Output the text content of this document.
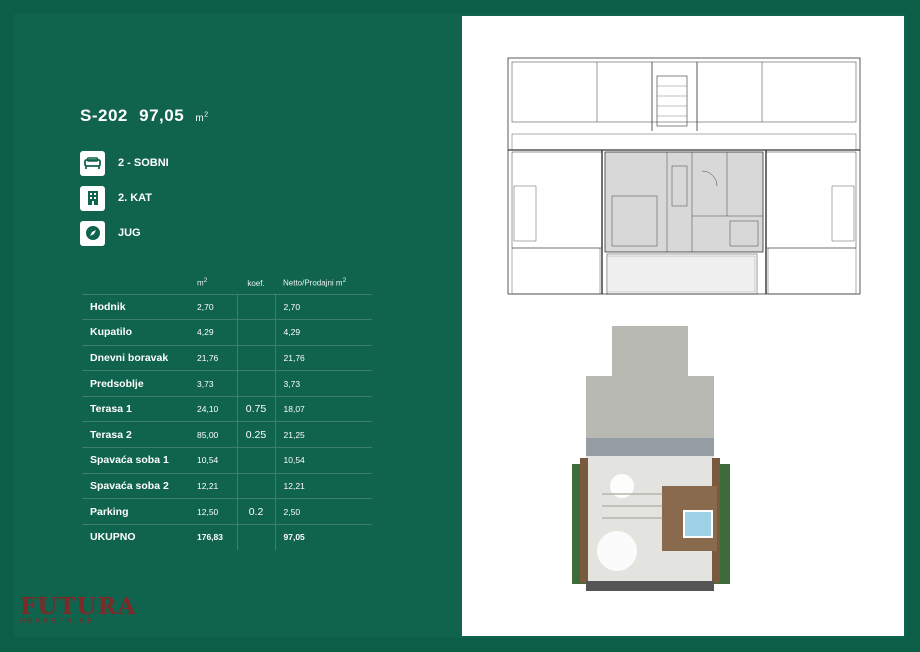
S-202 97,05 $m^2$
2 - SOBNI
2. KAT
JUG
	$m^2$	koef.	Netto/Prodajni $m^2$
Hodnik	2,70		2,70
Kupatilo	4,29		4,29
Dnevni boravak	21,76		21,76
Predsoblje	3,73		3,73
Terasa 1	24,10	0.75	18,07
Terasa 2	85,00	0.25	21,25
Spavaća soba 1	10,54		10,54
Spavaća soba 2	12,21		12,21
Parking	12,50	0.2	2,50
UKUPNO	176,83		97,05
FUTURA
NEKRETNINE
